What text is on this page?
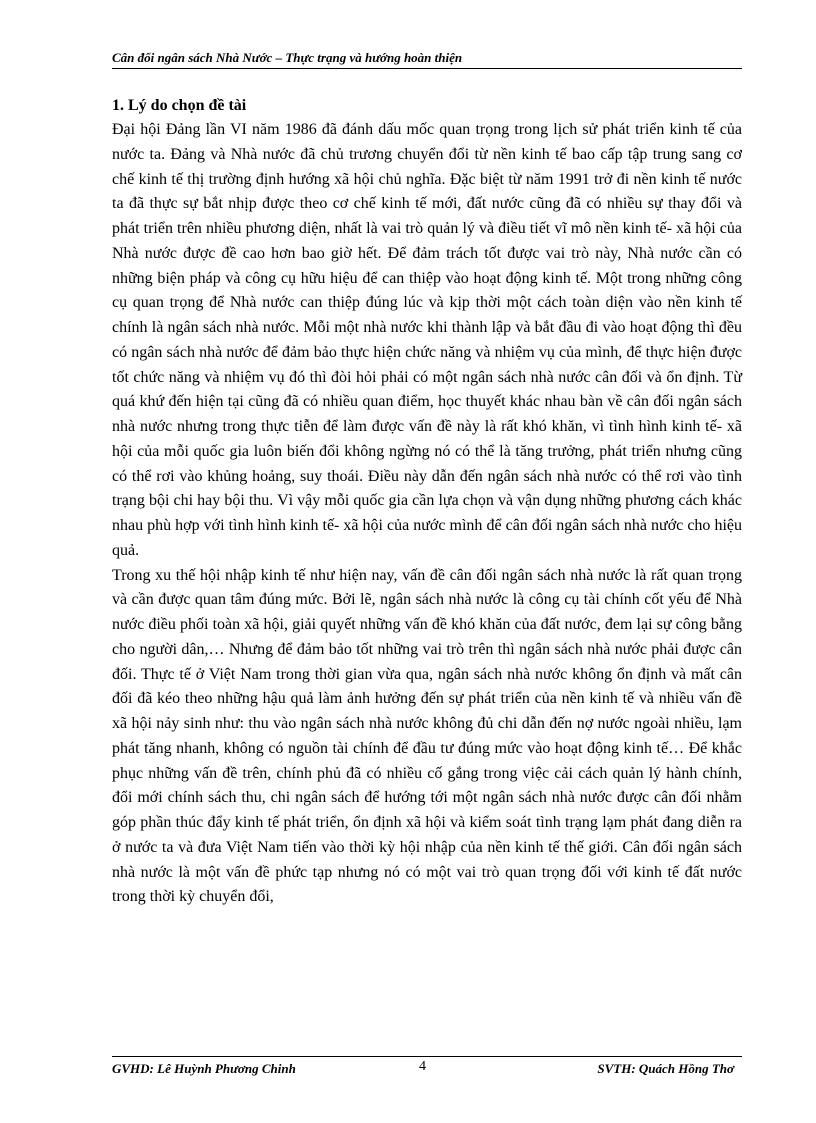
Cân đối ngân sách Nhà Nước – Thực trạng và hướng hoàn thiện

1. Lý do chọn đề tài

Đại hội Đảng lần VI năm 1986 đã đánh dấu mốc quan trọng trong lịch sử phát triển kinh tế của nước ta. Đảng và Nhà nước đã chủ trương chuyển đổi từ nền kinh tế bao cấp tập trung sang cơ chế kinh tế thị trường định hướng xã hội chủ nghĩa. Đặc biệt từ năm 1991 trở đi nền kinh tế nước ta đã thực sự bắt nhịp được theo cơ chế kinh tế mới, đất nước cũng đã có nhiều sự thay đổi và phát triển trên nhiều phương diện, nhất là vai trò quản lý và điều tiết vĩ mô nền kinh tế- xã hội của Nhà nước được đề cao hơn bao giờ hết. Để đảm trách tốt được vai trò này, Nhà nước cần có những biện pháp và công cụ hữu hiệu để can thiệp vào hoạt động kinh tế. Một trong những công cụ quan trọng để Nhà nước can thiệp đúng lúc và kịp thời một cách toàn diện vào nền kinh tế chính là ngân sách nhà nước. Mỗi một nhà nước khi thành lập và bắt đầu đi vào hoạt động thì đều có ngân sách nhà nước để đảm bảo thực hiện chức năng và nhiệm vụ của mình, để thực hiện được tốt chức năng và nhiệm vụ đó thì đòi hỏi phải có một ngân sách nhà nước cân đối và ổn định. Từ quá khứ đến hiện tại cũng đã có nhiều quan điểm, học thuyết khác nhau bàn về cân đối ngân sách nhà nước nhưng trong thực tiễn để làm được vấn đề này là rất khó khăn, vì tình hình kinh tế- xã hội của mỗi quốc gia luôn biến đổi không ngừng nó có thể là tăng trưởng, phát triển nhưng cũng có thể rơi vào khủng hoảng, suy thoái. Điều này dẫn đến ngân sách nhà nước có thể rơi vào tình trạng bội chi hay bội thu. Vì vậy mỗi quốc gia cần lựa chọn và vận dụng những phương cách khác nhau phù hợp với tình hình kinh tế- xã hội của nước mình để cân đối ngân sách nhà nước cho hiệu quả.

Trong xu thế hội nhập kinh tế như hiện nay, vấn đề cân đối ngân sách nhà nước là rất quan trọng và cần được quan tâm đúng mức. Bởi lẽ, ngân sách nhà nước là công cụ tài chính cốt yếu để Nhà nước điều phối toàn xã hội, giải quyết những vấn đề khó khăn của đất nước, đem lại sự công bằng cho người dân,… Nhưng để đảm bảo tốt những vai trò trên thì ngân sách nhà nước phải được cân đối. Thực tế ở Việt Nam trong thời gian vừa qua, ngân sách nhà nước không ổn định và mất cân đối đã kéo theo những hậu quả làm ảnh hưởng đến sự phát triển của nền kinh tế và nhiều vấn đề xã hội nảy sinh như: thu vào ngân sách nhà nước không đủ chi dẫn đến nợ nước ngoài nhiều, lạm phát tăng nhanh, không có nguồn tài chính để đầu tư đúng mức vào hoạt động kinh tế… Để khắc phục những vấn đề trên, chính phủ đã có nhiều cố gắng trong việc cải cách quản lý hành chính, đổi mới chính sách thu, chi ngân sách để hướng tới một ngân sách nhà nước được cân đối nhằm góp phần thúc đẩy kinh tế phát triển, ổn định xã hội và kiểm soát tình trạng lạm phát đang diễn ra ở nước ta và đưa Việt Nam tiến vào thời kỳ hội nhập của nền kinh tế thế giới. Cân đối ngân sách nhà nước là một vấn đề phức tạp nhưng nó có một vai trò quan trọng đối với kinh tế đất nước trong thời kỳ chuyển đổi,

GVHD: Lê Huỳnh Phương Chinh	4	SVTH: Quách Hồng Thơ
